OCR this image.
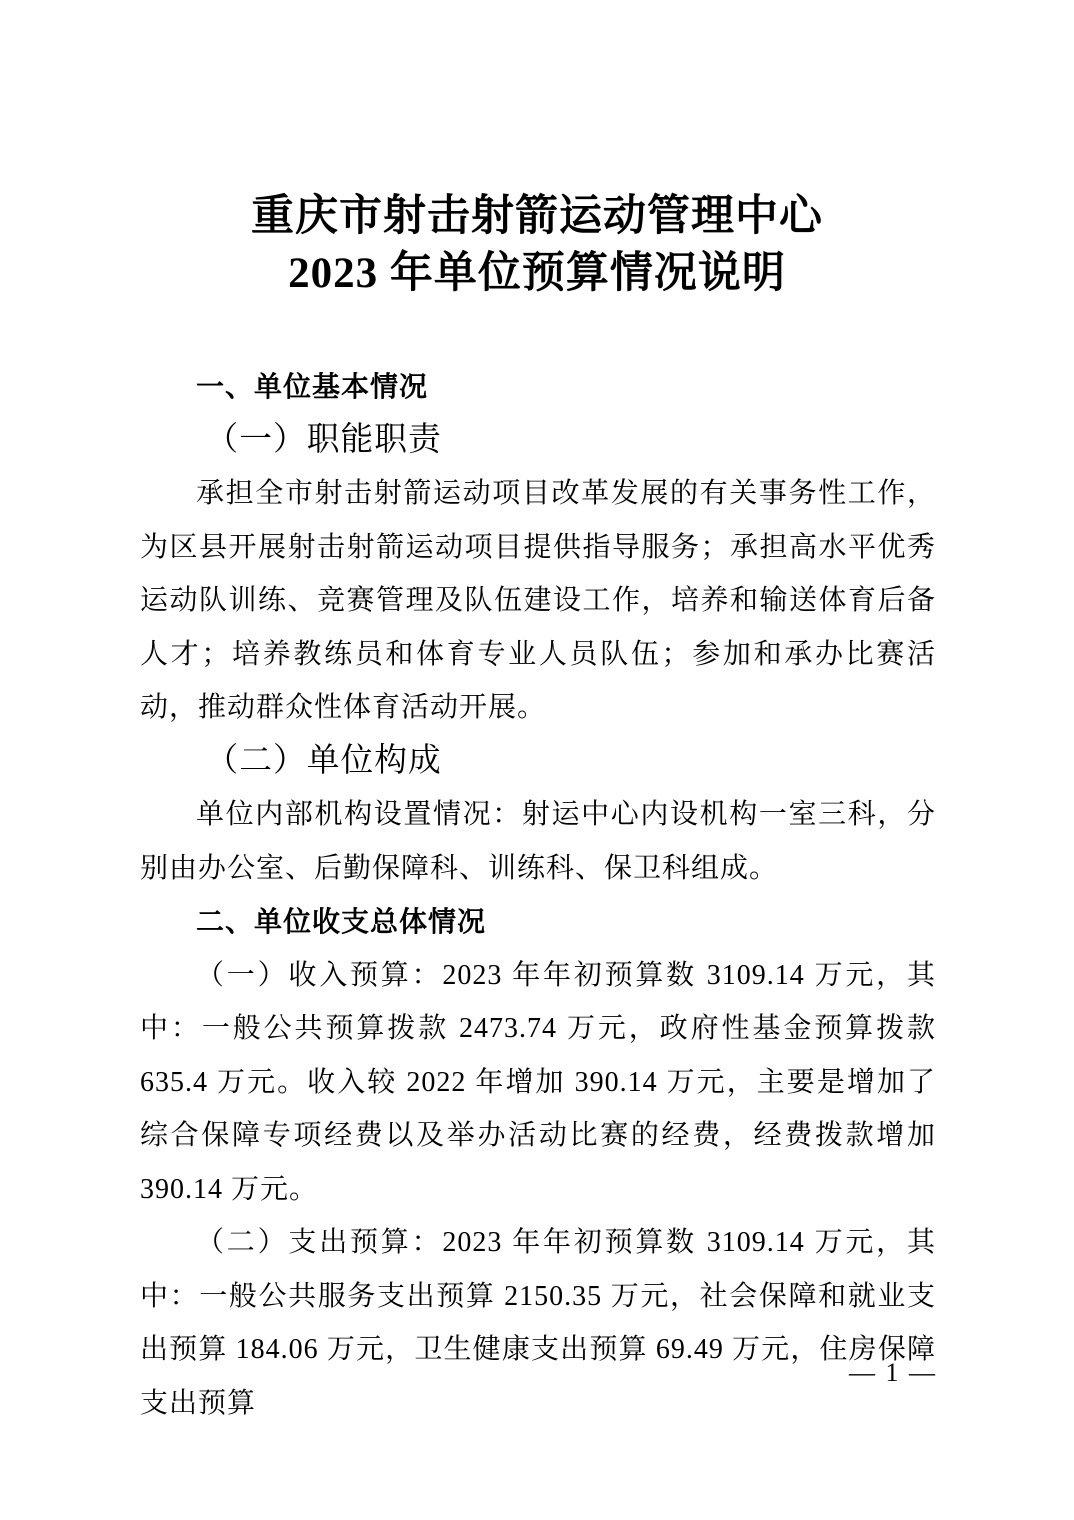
重庆市射击射箭运动管理中心
2023 年单位预算情况说明
一、单位基本情况
（一）职能职责

承担全市射击射箭运动项目改革发展的有关事务性工作，为区县开展射击射箭运动项目提供指导服务；承担高水平优秀运动队训练、竞赛管理及队伍建设工作，培养和输送体育后备人才；培养教练员和体育专业人员队伍；参加和承办比赛活动，推动群众性体育活动开展。

（二）单位构成

单位内部机构设置情况：射运中心内设机构一室三科，分别由办公室、后勤保障科、训练科、保卫科组成。

二、单位收支总体情况

（一）收入预算：2023 年年初预算数 3109.14 万元，其中：一般公共预算拨款 2473.74 万元，政府性基金预算拨款 635.4 万元。收入较 2022 年增加 390.14 万元，主要是增加了综合保障专项经费以及举办活动比赛的经费，经费拨款增加 390.14 万元。

（二）支出预算：2023 年年初预算数 3109.14 万元，其中：一般公共服务支出预算 2150.35 万元，社会保障和就业支出预算 184.06 万元，卫生健康支出预算 69.49 万元，住房保障支出预算

— 1 —
